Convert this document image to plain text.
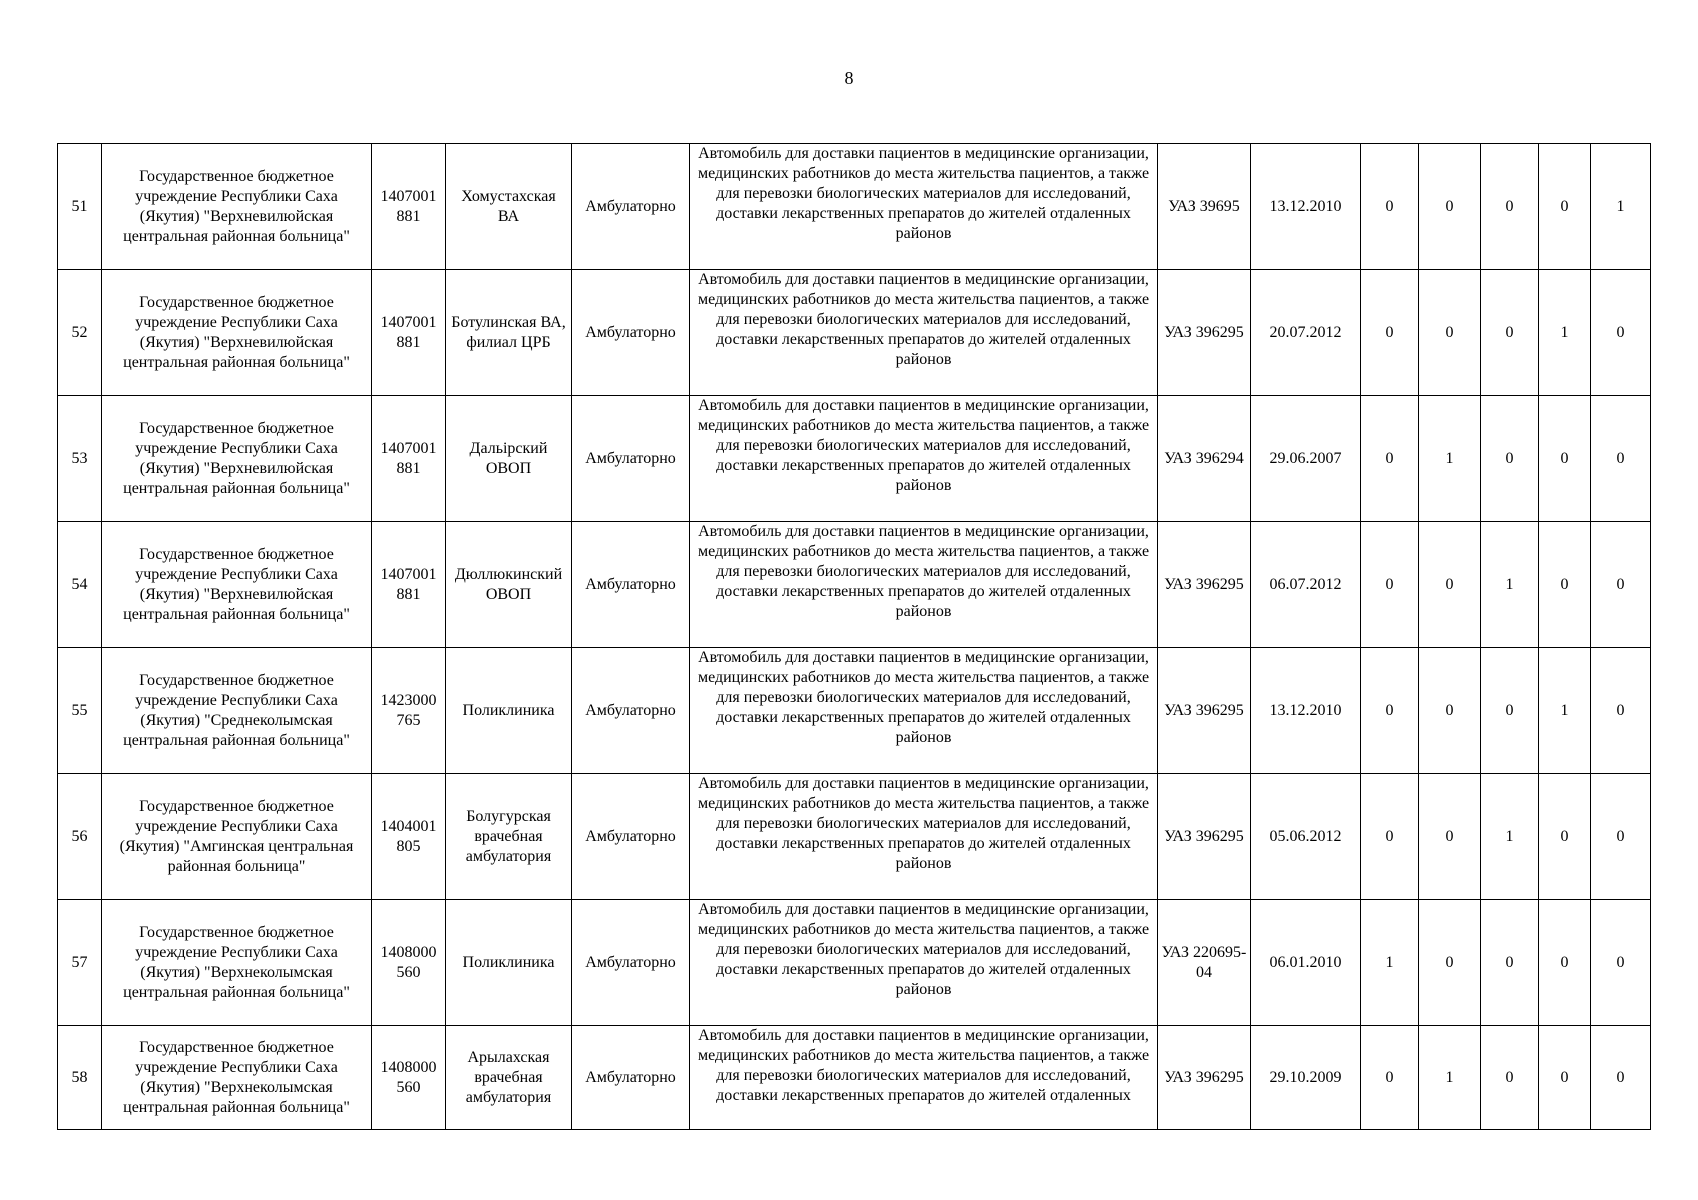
8
51	Государственное бюджетное учреждение Республики Саха (Якутия) "Верхневилюйская центральная районная больница"	1407001 881	Хомустахская ВА	Амбулаторно	Автомобиль для доставки пациентов в медицинские организации, медицинских работников до места жительства пациентов, а также для перевозки биологических материалов для исследований, доставки лекарственных препаратов до жителей отдаленных районов	УАЗ 39695	13.12.2010	0	0	0	0	1
52	Государственное бюджетное учреждение Республики Саха (Якутия) "Верхневилюйская центральная районная больница"	1407001 881	Ботулинская ВА, филиал ЦРБ	Амбулаторно	Автомобиль для доставки пациентов в медицинские организации, медицинских работников до места жительства пациентов, а также для перевозки биологических материалов для исследований, доставки лекарственных препаратов до жителей отдаленных районов	УАЗ 396295	20.07.2012	0	0	0	1	0
53	Государственное бюджетное учреждение Республики Саха (Якутия) "Верхневилюйская центральная районная больница"	1407001 881	Дальірский ОВОП	Амбулаторно	Автомобиль для доставки пациентов в медицинские организации, медицинских работников до места жительства пациентов, а также для перевозки биологических материалов для исследований, доставки лекарственных препаратов до жителей отдаленных районов	УАЗ 396294	29.06.2007	0	1	0	0	0
54	Государственное бюджетное учреждение Республики Саха (Якутия) "Верхневилюйская центральная районная больница"	1407001 881	Дюллюкинский ОВОП	Амбулаторно	Автомобиль для доставки пациентов в медицинские организации, медицинских работников до места жительства пациентов, а также для перевозки биологических материалов для исследований, доставки лекарственных препаратов до жителей отдаленных районов	УАЗ 396295	06.07.2012	0	0	1	0	0
55	Государственное бюджетное учреждение Республики Саха (Якутия) "Среднеколымская центральная районная больница"	1423000 765	Поликлиника	Амбулаторно	Автомобиль для доставки пациентов в медицинские организации, медицинских работников до места жительства пациентов, а также для перевозки биологических материалов для исследований, доставки лекарственных препаратов до жителей отдаленных районов	УАЗ 396295	13.12.2010	0	0	0	1	0
56	Государственное бюджетное учреждение Республики Саха (Якутия) "Амгинская центральная районная больница"	1404001 805	Болугурская врачебная амбулатория	Амбулаторно	Автомобиль для доставки пациентов в медицинские организации, медицинских работников до места жительства пациентов, а также для перевозки биологических материалов для исследований, доставки лекарственных препаратов до жителей отдаленных районов	УАЗ 396295	05.06.2012	0	0	1	0	0
57	Государственное бюджетное учреждение Республики Саха (Якутия) "Верхнеколымская центральная районная больница"	1408000 560	Поликлиника	Амбулаторно	Автомобиль для доставки пациентов в медицинские организации, медицинских работников до места жительства пациентов, а также для перевозки биологических материалов для исследований, доставки лекарственных препаратов до жителей отдаленных районов	УАЗ 220695-04	06.01.2010	1	0	0	0	0
58	Государственное бюджетное учреждение Республики Саха (Якутия) "Верхнеколымская центральная районная больница"	1408000 560	Арылахская врачебная амбулатория	Амбулаторно	Автомобиль для доставки пациентов в медицинские организации, медицинских работников до места жительства пациентов, а также для перевозки биологических материалов для исследований, доставки лекарственных препаратов до жителей отдаленных	УАЗ 396295	29.10.2009	0	1	0	0	0
